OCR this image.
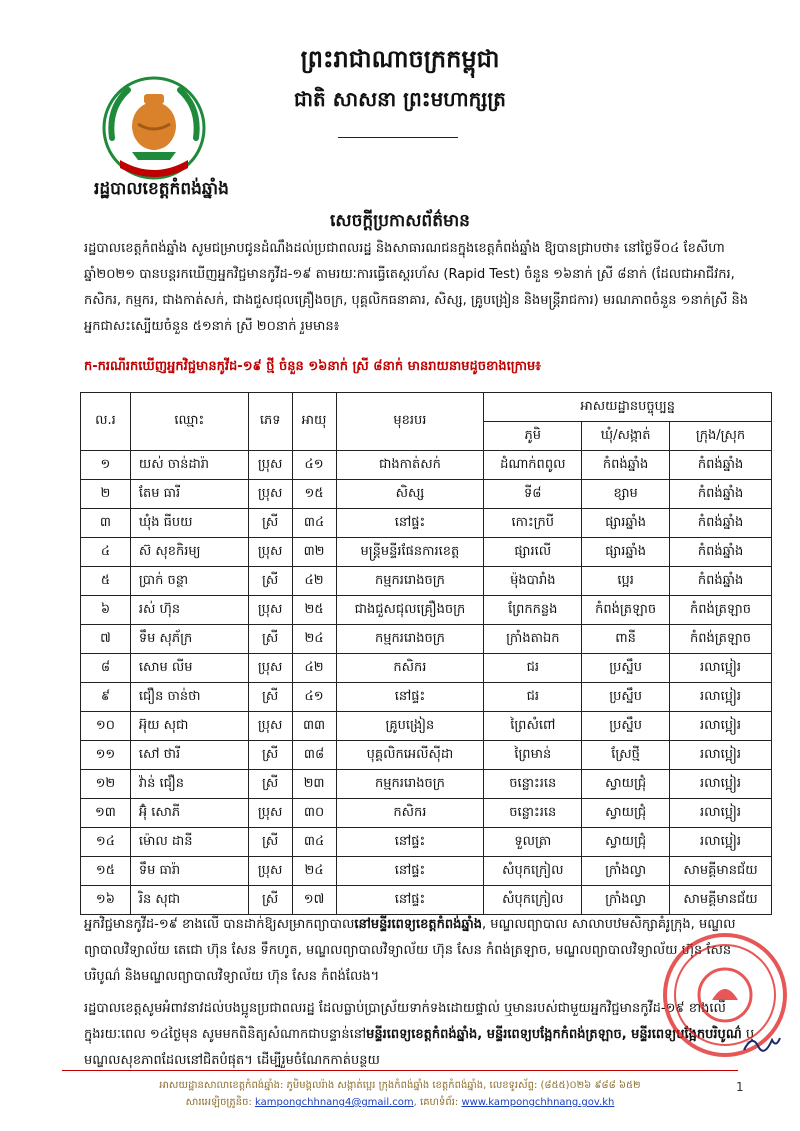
ព្រះរាជាណាចក្រកម្ពុជា
ជាតិ សាសនា ព្រះមហាក្សត្រ
រដ្ឋបាលខេត្តកំពង់ឆ្នាំង
សេចក្តីប្រកាសព័ត៌មាន
រដ្ឋបាលខេត្តកំពង់ឆ្នាំង សូមជម្រាបជូនដំណឹងដល់ប្រជាពលរដ្ឋ និងសាធារណជនក្នុងខេត្តកំពង់ឆ្នាំង ឱ្យបានជ្រាបថា៖ នៅថ្ងៃទី០៤ ខែសីហា ឆ្នាំ២០២១ បានបន្តរកឃើញអ្នកវិជ្ជមានកូវីដ-១៩ តាមរយៈការធ្វើតេស្តរហ័ស (Rapid Test) ចំនួន ១៦នាក់ ស្រី ៨នាក់ (ដែលជាអាជីវករ, កសិករ, កម្មករ, ជាងកាត់សក់, ជាងជួសជុលគ្រឿងចក្រ, បុគ្គលិកធនាគារ, សិស្ស, គ្រូបង្រៀន និងមន្ត្រីរាជការ) មរណភាពចំនួន ១នាក់ស្រី និងអ្នកជាសះស្បើយចំនួន ៥១នាក់ ស្រី ២០នាក់ រួមមាន៖
ក-ករណីរកឃើញអ្នកវិជ្ជមានកូវីដ-១៩ ថ្មី ចំនួន ១៦នាក់ ស្រី ៨នាក់ មានរាយនាមដូចខាងក្រោម៖
ល.រ	ឈ្មោះ	ភេទ	អាយុ	មុខរបរ	អាសយដ្ឋានបច្ចុប្បន្ន		
					ភូមិ	ឃុំ/សង្កាត់	ក្រុង/ស្រុក
១	យស់ ចាន់ដារ៉ា	ប្រុស	៤១	ជាងកាត់សក់	ដំណាក់ពពូល	កំពង់ឆ្នាំង	កំពង់ឆ្នាំង
២	តែម ធារី	ប្រុស	១៥	សិស្ស	ទី៨	ខ្សាម	កំពង់ឆ្នាំង
៣	ឃុំង ធីបយ	ស្រី	៣៤	នៅផ្ទះ	កោះក្របី	ផ្សារឆ្នាំង	កំពង់ឆ្នាំង
៤	ស៊ សុខកិរម្យ	ប្រុស	៣២	មន្ត្រីមន្ទីរផែនការខេត្ត	ផ្សារលើ	ផ្សារឆ្នាំង	កំពង់ឆ្នាំង
៥	ប្រាក់ ចន្ថា	ស្រី	៤២	កម្មកររោងចក្រ	ម៉ុងបារាំង	ប្អេរ	កំពង់ឆ្នាំង
៦	រស់ ហ៊ុន	ប្រុស	២៥	ជាងជួសជុលគ្រឿងចក្រ	ព្រែកកន្លង	កំពង់ត្រឡាច	កំពង់ត្រឡាច
៧	ទឹម សុភ័ក្រ	ស្រី	២៤	កម្មកររោងចក្រ	ក្រាំងតាឯក	ពានី	កំពង់ត្រឡាច
៨	សោម លីម	ប្រុស	៤២	កសិករ	ជរ	ប្រស្នឹប	រលាប្អៀរ
៩	ជឿន ចាន់ថា	ស្រី	៤១	នៅផ្ទះ	ជរ	ប្រស្នឹប	រលាប្អៀរ
១០	អ៊ុយ សុជា	ប្រុស	៣៣	គ្រូបង្រៀន	ព្រៃសំពៅ	ប្រស្នឹប	រលាប្អៀរ
១១	សៅ ថារី	ស្រី	៣៨	បុគ្គលិកអេលីស៊ីដា	ព្រៃមាន់	ស្រែថ្មី	រលាប្អៀរ
១២	វ៉ាន់ ជឿន	ស្រី	២៣	កម្មកររោងចក្រ	ចន្លោះរនេ	ស្វាយជ្រុំ	រលាប្អៀរ
១៣	អ៊ុំ សោភី	ប្រុស	៣០	កសិករ	ចន្លោះរនេ	ស្វាយជ្រុំ	រលាប្អៀរ
១៤	ម៉ោល ដានី	ស្រី	៣៤	នៅផ្ទះ	ទួលត្រា	ស្វាយជ្រុំ	រលាប្អៀរ
១៥	ទឹម ធារ៉ា	ប្រុស	២៤	នៅផ្ទះ	សំបុកក្រៀល	ក្រាំងល្វា	សាមគ្គីមានជ័យ
១៦	រិន សុជា	ស្រី	១៧	នៅផ្ទះ	សំបុកក្រៀល	ក្រាំងល្វា	សាមគ្គីមានជ័យ
អ្នកវិជ្ជមានកូវីដ-១៩ ខាងលើ បានដាក់ឱ្យសម្រាកព្យាបាលនៅមន្ទីរពេទ្យខេត្តកំពង់ឆ្នាំង, មណ្ឌលព្យាបាល សាលាបឋមសិក្សាគំរូក្រុង, មណ្ឌលព្យាបាលវិទ្យាល័យ តេជោ ហ៊ុន សែន ទឹកហូត, មណ្ឌលព្យាបាលវិទ្យាល័យ ហ៊ុន សែន កំពង់ត្រឡាច, មណ្ឌលព្យាបាលវិទ្យាល័យ ហ៊ុន សែន បរិបូណ៌ និងមណ្ឌលព្យាបាលវិទ្យាល័យ ហ៊ុន សែន កំពង់លែង។
រដ្ឋបាលខេត្តសូមអំពាវនាវដល់បងប្អូនប្រជាពលរដ្ឋ ដែលធ្លាប់ប្រាស្រ័យទាក់ទងដោយផ្ទាល់ ឬមានរបស់ជាមួយអ្នកវិជ្ជមានកូវីដ-១៩ ខាងលើ ក្នុងរយៈពេល ១៤ថ្ងៃមុន សូមមកពិនិត្យសំណាកជាបន្ទាន់នៅមន្ទីរពេទ្យខេត្តកំពង់ឆ្នាំង, មន្ទីរពេទ្យបង្អែកកំពង់ត្រឡាច, មន្ទីរពេទ្យបង្អែកបរិបូណ៌ ឬមណ្ឌលសុខភាពដែលនៅជិតបំផុត។ ដើម្បីរួមចំណែកកាត់បន្ថយ
អាសយដ្ឋានសាលាខេត្តកំពង់ឆ្នាំង: ភូមិមង្គលរ៉ាង សង្កាត់ប្អេរ ក្រុងកំពង់ឆ្នាំង ខេត្តកំពង់ឆ្នាំង, លេខទូរស័ព្ទ: (៨៥៥)០២៦ ៩៨៨ ៦៥២
សារអេឡិចត្រូនិច: kampongchhnang4@gmail.com, គេហទំព័រ: www.kampongchhnang.gov.kh
1
